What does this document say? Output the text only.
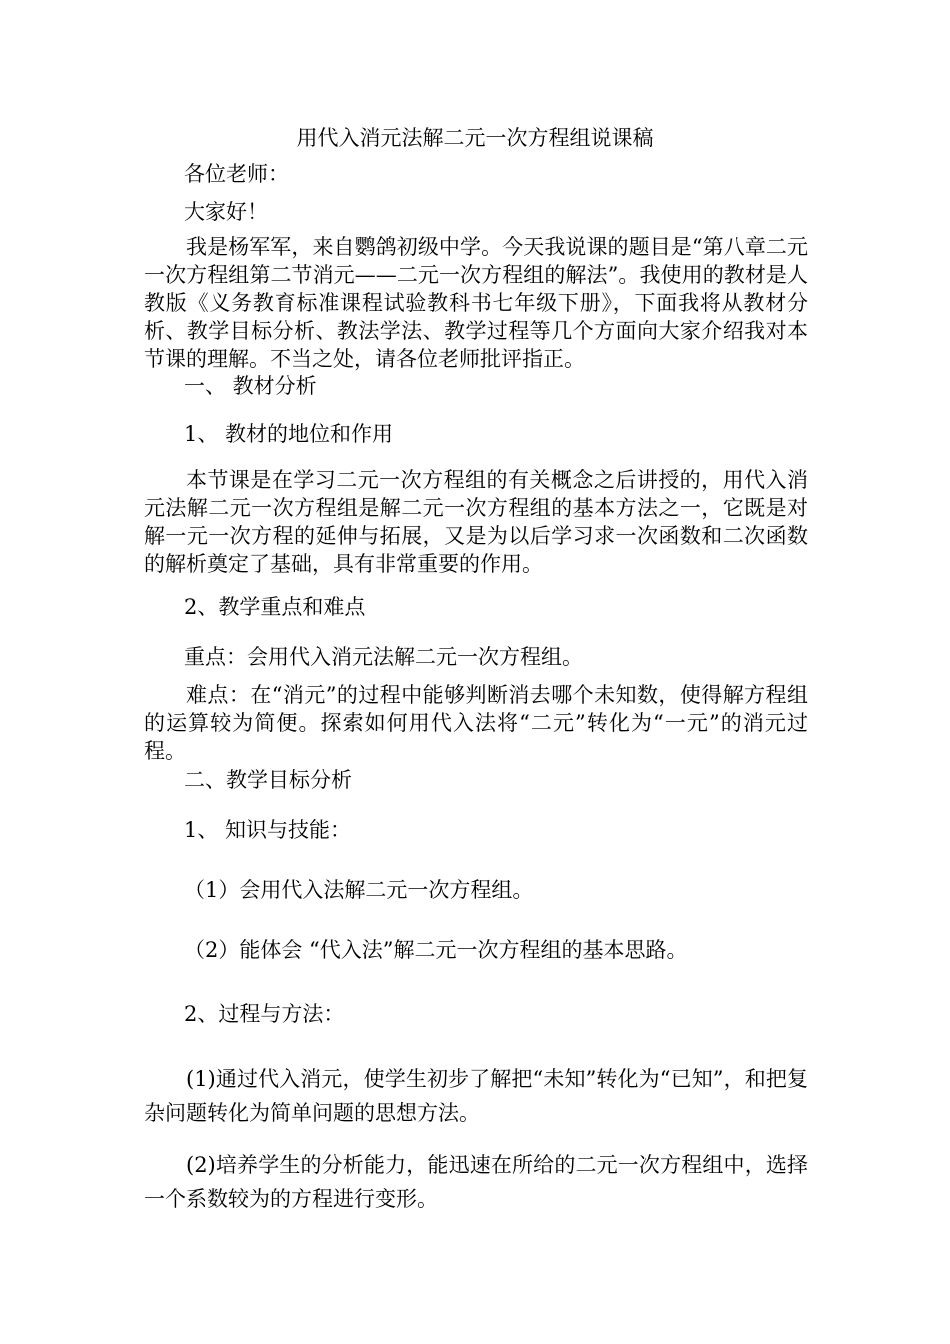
用代入消元法解二元一次方程组说课稿
各位老师：
大家好！

我是杨军军，来自鹦鸽初级中学。今天我说课的题目是“第八章二元一次方程组第二节消元——二元一次方程组的解法”。我使用的教材是人教版《义务教育标准课程试验教科书七年级下册》，下面我将从教材分析、教学目标分析、教法学法、教学过程等几个方面向大家介绍我对本节课的理解。不当之处，请各位老师批评指正。

一、 教材分析
1、 教材的地位和作用

本节课是在学习二元一次方程组的有关概念之后讲授的，用代入消元法解二元一次方程组是解二元一次方程组的基本方法之一，它既是对解一元一次方程的延伸与拓展，又是为以后学习求一次函数和二次函数的解析奠定了基础，具有非常重要的作用。

2、教学重点和难点
重点：会用代入消元法解二元一次方程组。

难点：在“消元”的过程中能够判断消去哪个未知数，使得解方程组的运算较为简便。探索如何用代入法将“二元”转化为“一元”的消元过程。

二、教学目标分析
1、 知识与技能：
（1）会用代入法解二元一次方程组。
（2）能体会 “代入法”解二元一次方程组的基本思路。
2、过程与方法：

(1)通过代入消元，使学生初步了解把“未知”转化为“已知”，和把复杂问题转化为简单问题的思想方法。

(2)培养学生的分析能力，能迅速在所给的二元一次方程组中，选择一个系数较为的方程进行变形。
